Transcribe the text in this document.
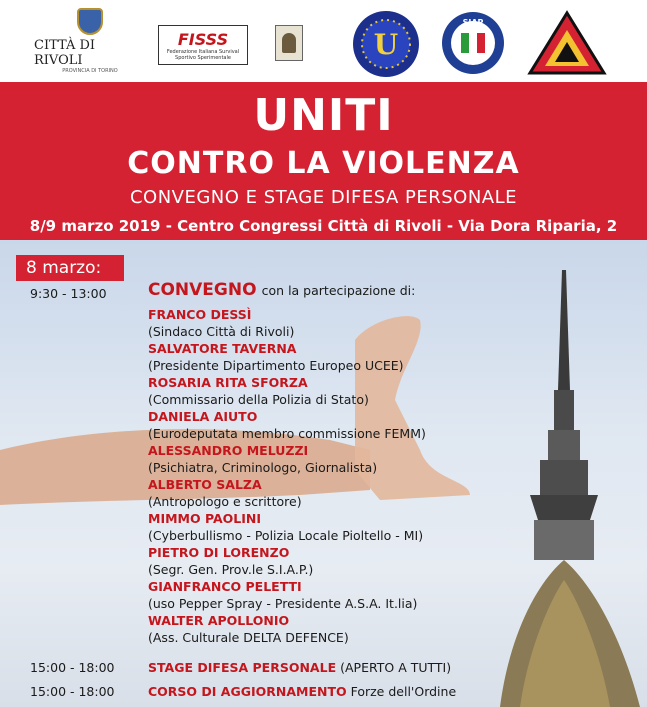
CITTÀ DI RIVOLI
PROVINCIA DI TORINO
FISSS
Federazione Italiana Survival Sportivo Sperimentale	U
SIAP
UNITI
CONTRO LA VIOLENZA
CONVEGNO E STAGE DIFESA PERSONALE
8/9 marzo 2019 - Centro Congressi Città di Rivoli - Via Dora Riparia, 2
8 marzo:
9:30 - 13:00 CONVEGNO con la partecipazione di:
FRANCO DESSÌ
(Sindaco Città di Rivoli)
SALVATORE TAVERNA
(Presidente Dipartimento Europeo UCEE)
ROSARIA RITA SFORZA
(Commissario della Polizia di Stato)
DANIELA AIUTO
(Eurodeputata membro commissione FEMM)
ALESSANDRO MELUZZI
(Psichiatra, Criminologo, Giornalista)
ALBERTO SALZA
(Antropologo e scrittore)
MIMMO PAOLINI
(Cyberbullismo - Polizia Locale Pioltello - MI)
PIETRO DI LORENZO
(Segr. Gen. Prov.le S.I.A.P.)
GIANFRANCO PELETTI
(uso Pepper Spray - Presidente A.S.A. It.lia)
WALTER APOLLONIO
(Ass. Culturale DELTA DEFENCE)
15:00 - 18:00	STAGE DIFESA PERSONALE (APERTO A TUTTI)
15:00 - 18:00	CORSO DI AGGIORNAMENTO Forze dell'Ordine
